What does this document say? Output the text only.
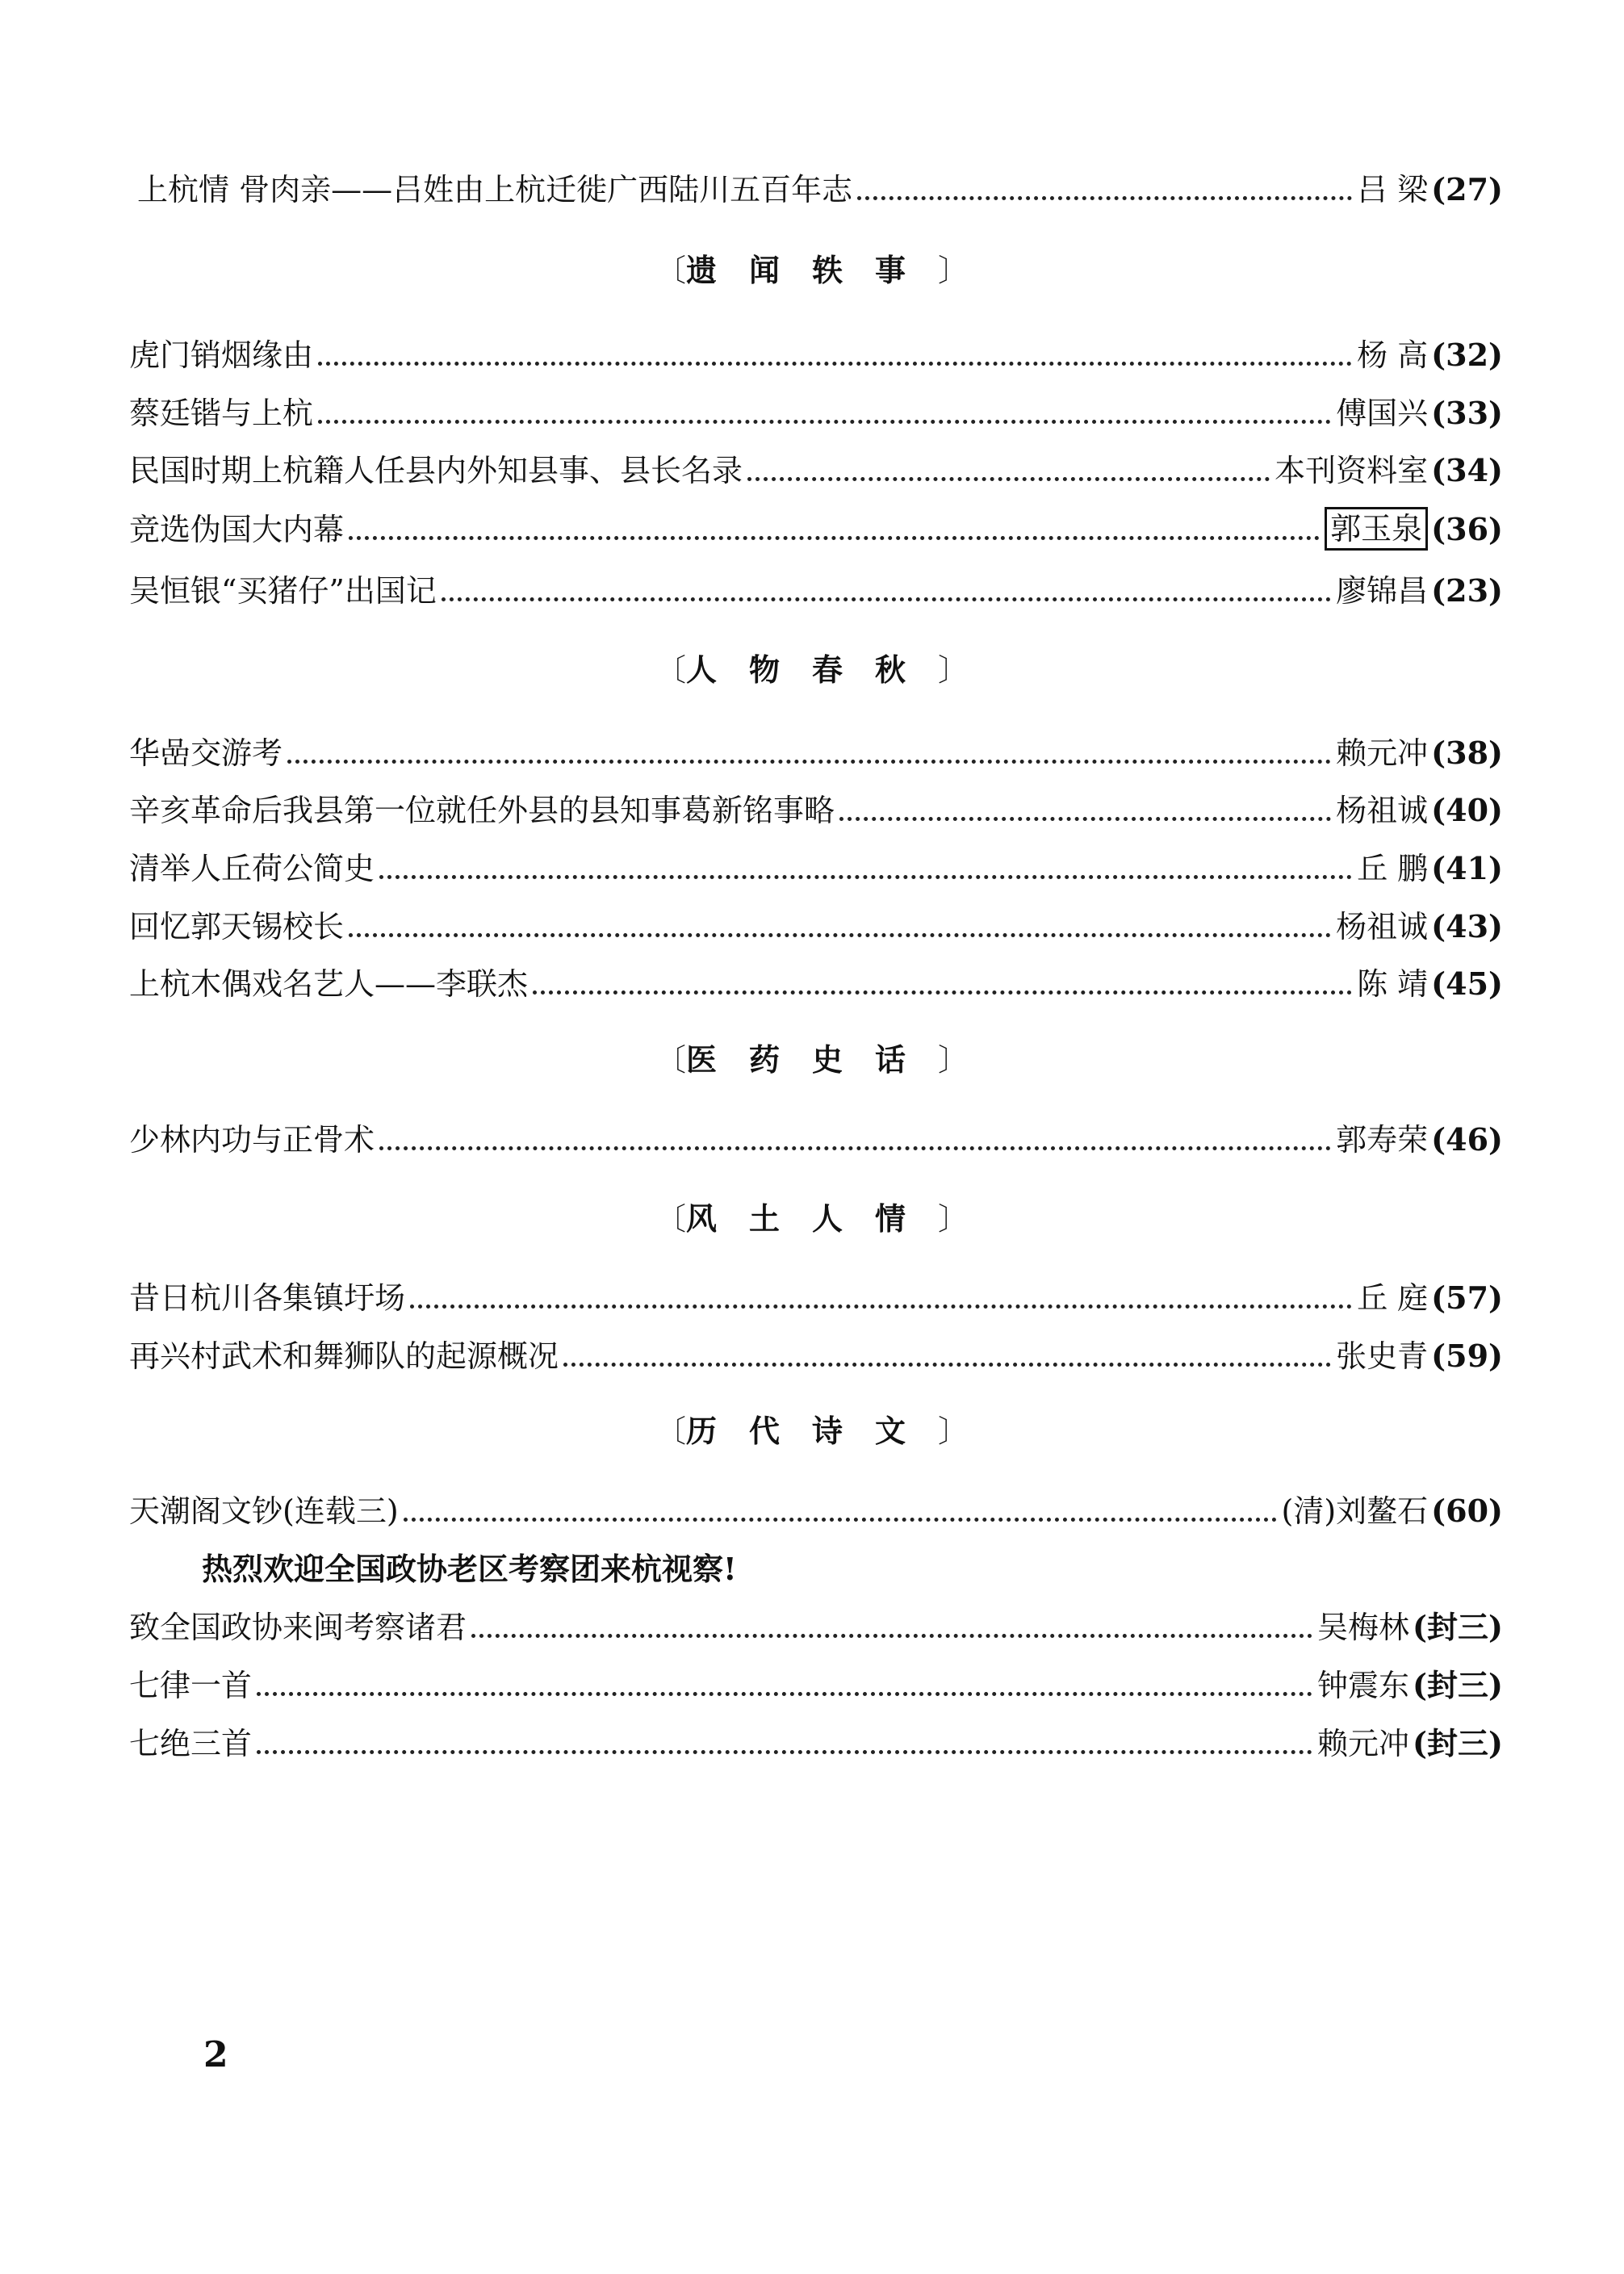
上杭情 骨肉亲——吕姓由上杭迁徙广西陆川五百年志	吕 梁 (27)
〔遗闻轶事〕
虎门销烟缘由	杨 高 (32)
蔡廷锴与上杭	傅国兴 (33)
民国时期上杭籍人任县内外知县事、县长名录	本刊资料室 (34)
竞选伪国大内幕	郭玉泉 (36)
吴恒银“买猪仔”出国记	廖锦昌 (23)
〔人物春秋〕
华嵒交游考	赖元冲 (38)
辛亥革命后我县第一位就任外县的县知事葛新铭事略	杨祖诚 (40)
清举人丘荷公简史	丘 鹏 (41)
回忆郭天锡校长	杨祖诚 (43)
上杭木偶戏名艺人——李联杰	陈 靖 (45)
〔医药史话〕
少林内功与正骨术	郭寿荣 (46)
〔风土人情〕
昔日杭川各集镇圩场	丘 庭 (57)
再兴村武术和舞狮队的起源概况	张史青 (59)
〔历代诗文〕
天潮阁文钞(连载三)	(清)刘鳌石 (60)
热烈欢迎全国政协老区考察团来杭视察!
致全国政协来闽考察诸君	吴梅林 (封三)
七律一首	钟震东 (封三)
七绝三首	赖元冲 (封三)
2
